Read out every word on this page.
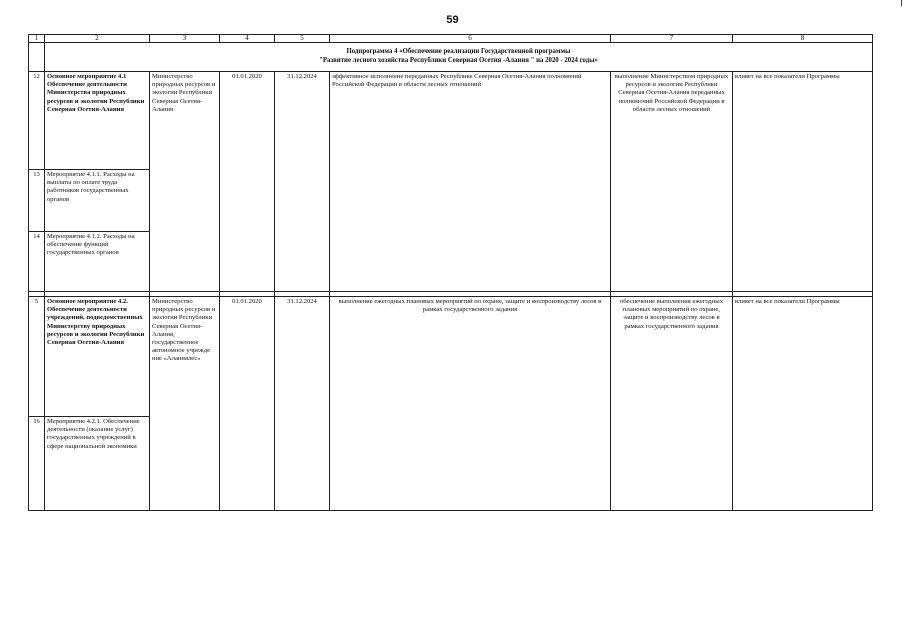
59
1	2	3	4	5	6	7	8

	Подпрограмма 4 «Обеспечение реализации Государственной программы
"Развитие лесного хозяйства Республики Северная Осетия -Алания " на 2020 - 2024 годы»						

12	Основное мероприятие 4.1 Обеспечение деятельности Министерства природных ресурсов и экологии Республики Северная Осетия-Алания	Министерство природных ресурсов и экологии Республики Северная Осетия-Алания	01.01.2020	31.12.2024	эффективное исполнение переданных Республике Северная Осетия-Алания полномочий Российской Федерации в области лесных отношений	выполнение Министерством природных ресурсов и экологии Республики Северная Осетия-Алания переданных полномочий Российской Федерации в области лесных отношений	влияет на все показатели Программы
13	Мероприятие 4.1.1. Расходы на выплаты по оплате труда работников государственных органов						
14	Мероприятие 4.1.2. Расходы на обеспечение функций государственных органов						

5	Основное мероприятие 4.2. Обеспечение деятельности учреждений, подведомственных Министерству природных ресурсов и экологии Республики Северная Осетия-Алания	Министерство природных ресурсов и экологии Республики Северная Осетия-Алания, государственное автономное учрежде ние «Аланиялес»	01.01.2020	31.12.2024	выполнение ежегодных плановых мероприятий по охране, защите и воспроизводству лесов в рамках государственного задания	обеспечение выполнения ежегодных плановых мероприятий по охране, защите и воспроизводству лесов в рамках государственного задания	влияет на все показатели Программы
16	Мероприятие 4.2.1. Обеспечение деятельности (оказание услуг) государственных учреждений в сфере национальной экономики						
